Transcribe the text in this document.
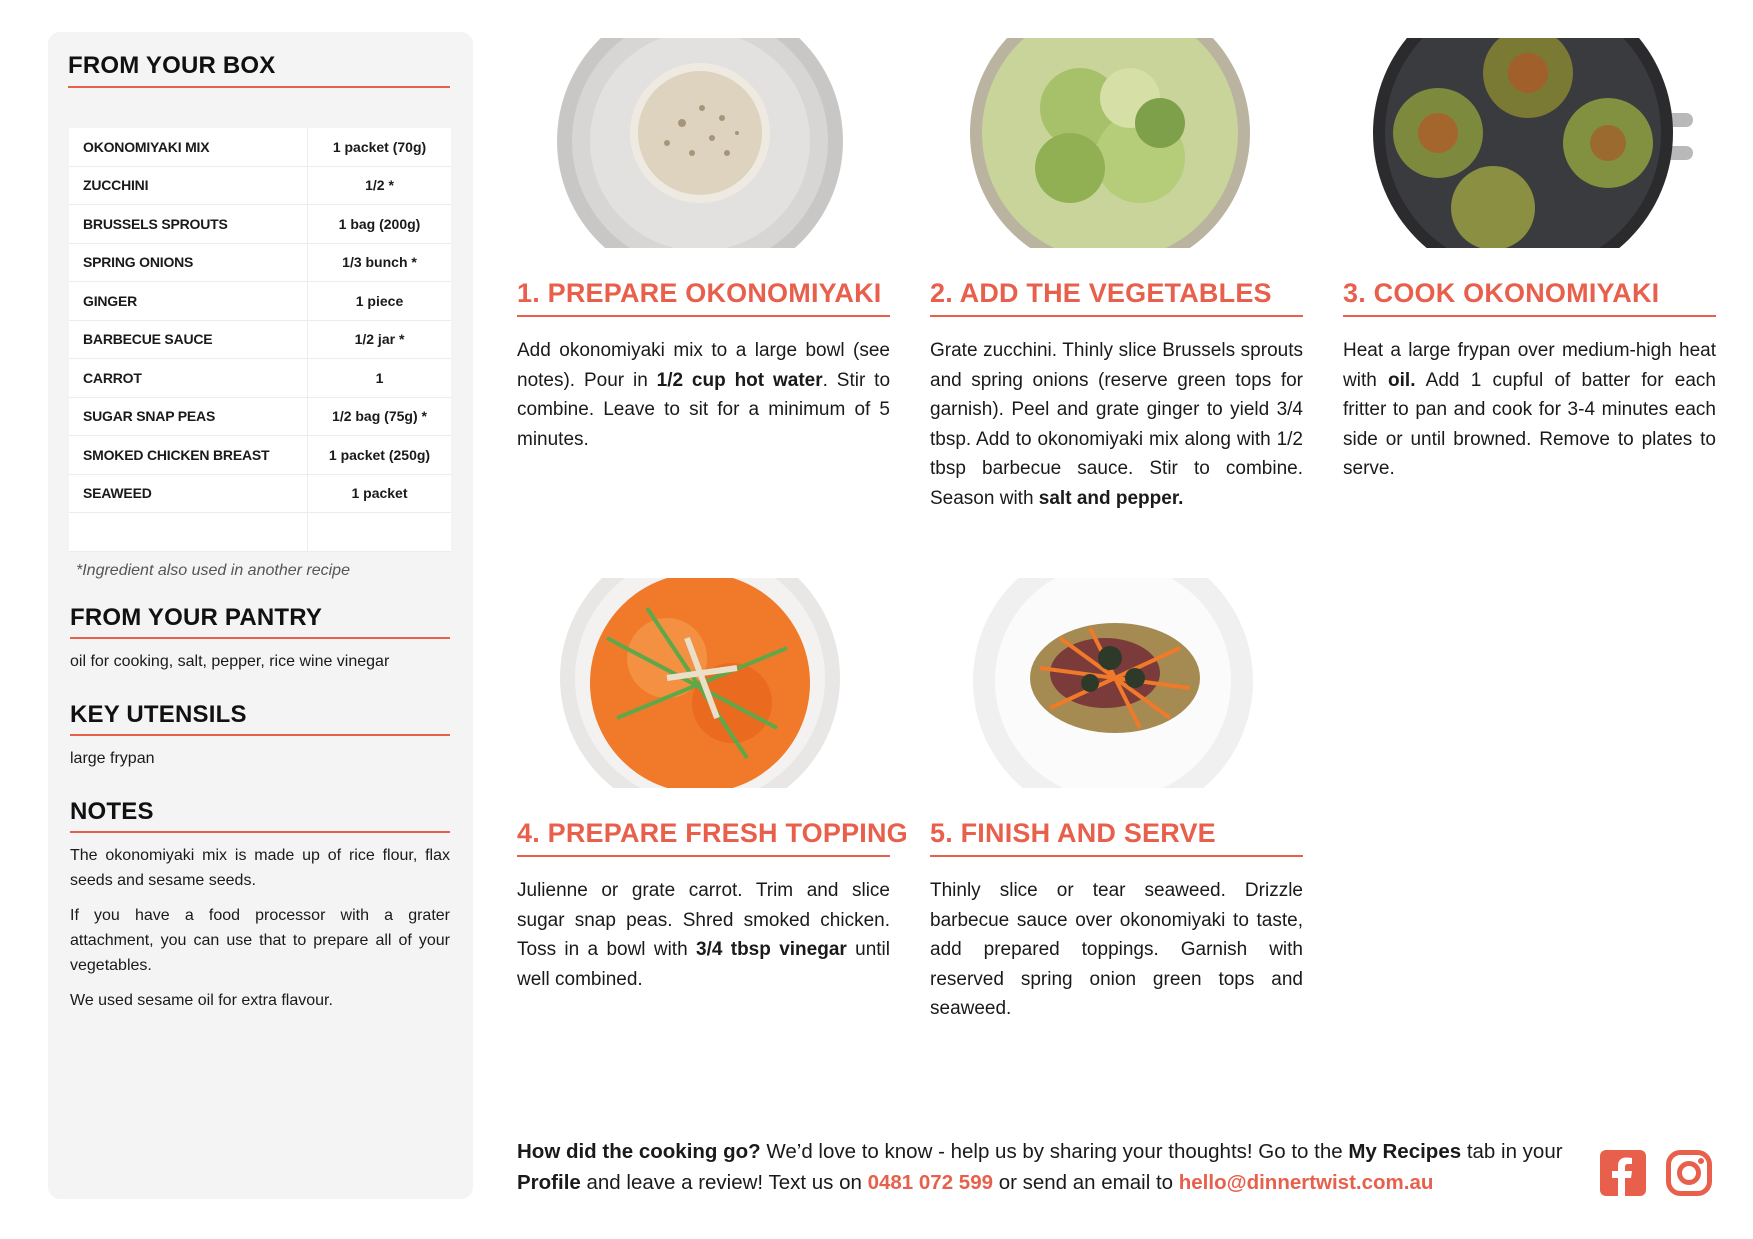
FROM YOUR BOX
OKONOMIYAKI MIX	1 packet (70g)
ZUCCHINI	1/2 *
BRUSSELS SPROUTS	1 bag (200g)
SPRING ONIONS	1/3 bunch *
GINGER	1 piece
BARBECUE SAUCE	1/2 jar *
CARROT	1
SUGAR SNAP PEAS	1/2 bag (75g) *
SMOKED CHICKEN BREAST	1 packet (250g)
SEAWEED	1 packet

*Ingredient also used in another recipe
FROM YOUR PANTRY

oil for cooking, salt, pepper, rice wine vinegar

KEY UTENSILS

large frypan

NOTES

The okonomiyaki mix is made up of rice flour, flax seeds and sesame seeds.

If you have a food processor with a grater attachment, you can use that to prepare all of your vegetables.

We used sesame oil for extra flavour.

1. PREPARE OKONOMIYAKI
Add okonomiyaki mix to a large bowl (see notes). Pour in 1/2 cup hot water. Stir to combine. Leave to sit for a minimum of 5 minutes.
2. ADD THE VEGETABLES
Grate zucchini. Thinly slice Brussels sprouts and spring onions (reserve green tops for garnish). Peel and grate ginger to yield 3/4 tbsp. Add to okonomiyaki mix along with 1/2 tbsp barbecue sauce. Stir to combine. Season with salt and pepper.
3. COOK OKONOMIYAKI
Heat a large frypan over medium-high heat with oil. Add 1 cupful of batter for each fritter to pan and cook for 3-4 minutes each side or until browned. Remove to plates to serve.
4. PREPARE FRESH TOPPING
Julienne or grate carrot. Trim and slice sugar snap peas. Shred smoked chicken. Toss in a bowl with 3/4 tbsp vinegar until well combined.
5. FINISH AND SERVE
Thinly slice or tear seaweed. Drizzle barbecue sauce over okonomiyaki to taste, add prepared toppings. Garnish with reserved spring onion green tops and seaweed.
How did the cooking go? We’d love to know - help us by sharing your thoughts! Go to the My Recipes tab in your Profile and leave a review! Text us on 0481 072 599 or send an email to hello@dinnertwist.com.au
